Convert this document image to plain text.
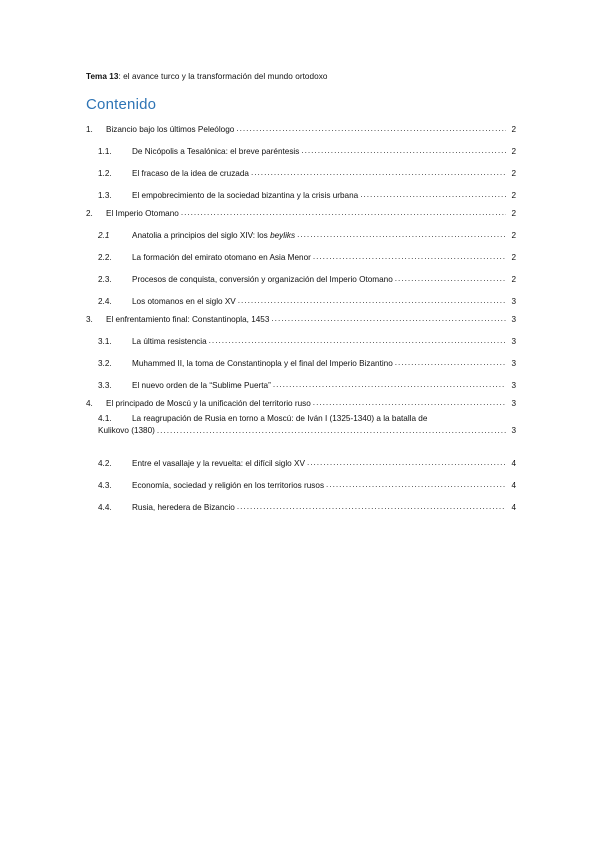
Tema 13: el avance turco y la transformación del mundo ortodoxo
Contenido
1.	Bizancio bajo los últimos Peleólogo .....	2
1.1.	De Nicópolis a Tesalónica: el breve paréntesis .....	2
1.2.	El fracaso de la idea de cruzada .....	2
1.3.	El empobrecimiento de la sociedad bizantina y la crisis urbana .....	2
2.	El Imperio Otomano .....	2
2.1	Anatolia a principios del siglo XIV: los beyliks .....	2
2.2.	La formación del emirato otomano en Asia Menor .....	2
2.3.	Procesos de conquista, conversión y organización del Imperio Otomano .....	2
2.4.	Los otomanos en el siglo XV .....	3
3.	El enfrentamiento final: Constantinopla, 1453 .....	3
3.1.	La última resistencia .....	3
3.2.	Muhammed II, la toma de Constantinopla y el final del Imperio Bizantino .....	3
3.3.	El nuevo orden de la “Sublime Puerta” .....	3
4.	El principado de Moscú y la unificación del territorio ruso .....	3
4.1.	La reagrupación de Rusia en torno a Moscú: de Iván I (1325-1340) a la batalla de
Kulikovo (1380) .....	3
4.2.	Entre el vasallaje y la revuelta: el difícil siglo XV .....	4
4.3.	Economía, sociedad y religión en los territorios rusos .....	4
4.4.	Rusia, heredera de Bizancio .....	4
